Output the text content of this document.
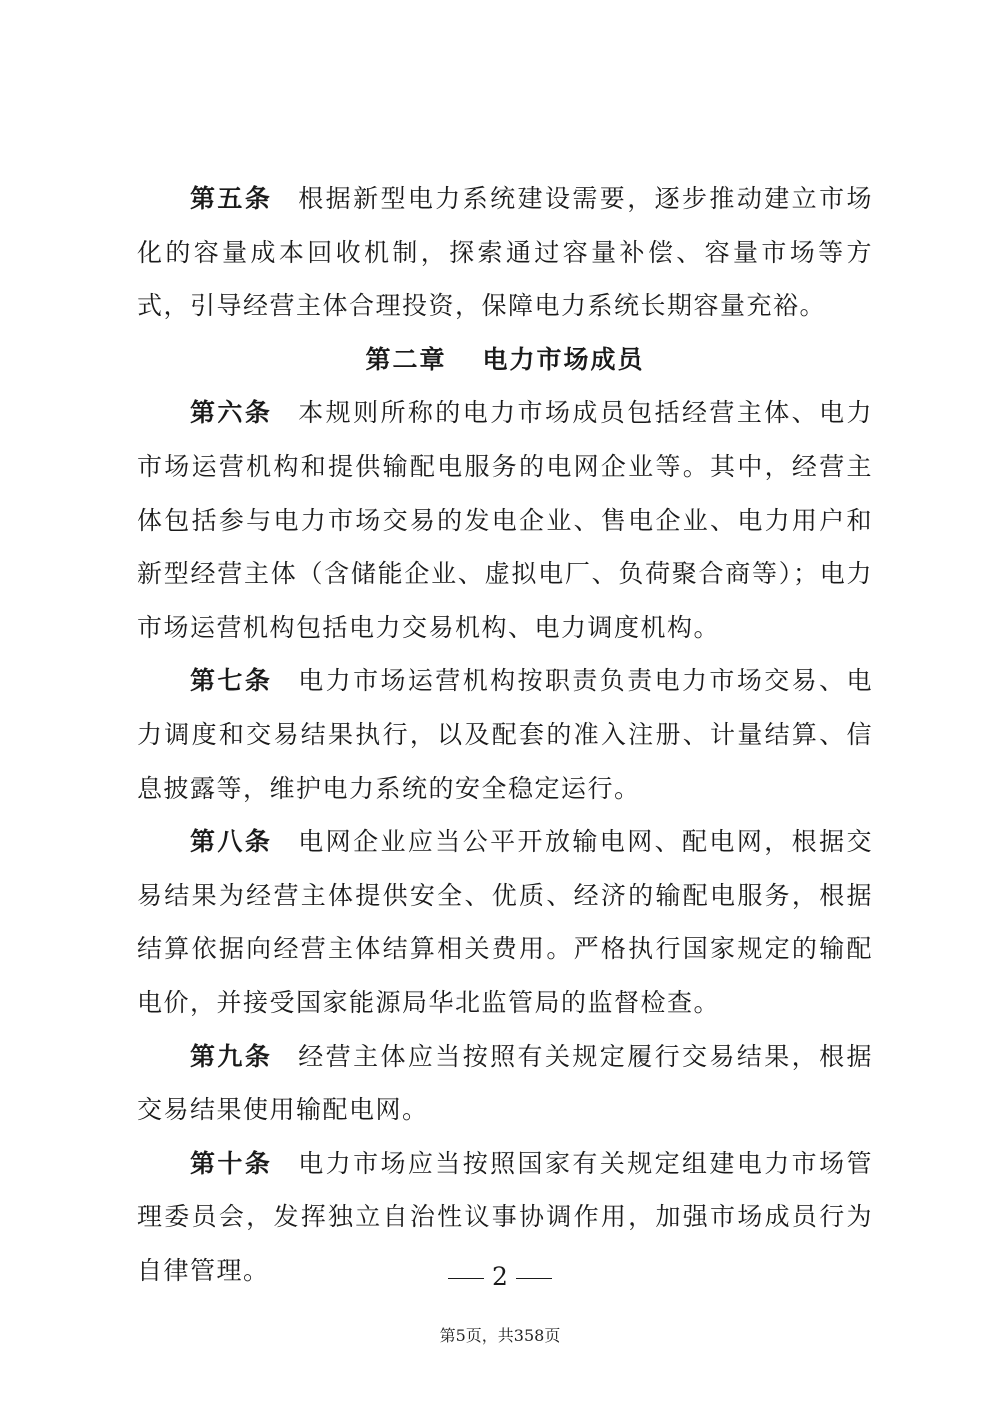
第五条 根据新型电力系统建设需要，逐步推动建立市场化的容量成本回收机制，探索通过容量补偿、容量市场等方式，引导经营主体合理投资，保障电力系统长期容量充裕。

第二章 电力市场成员

第六条 本规则所称的电力市场成员包括经营主体、电力市场运营机构和提供输配电服务的电网企业等。其中，经营主体包括参与电力市场交易的发电企业、售电企业、电力用户和新型经营主体（含储能企业、虚拟电厂、负荷聚合商等）；电力市场运营机构包括电力交易机构、电力调度机构。

第七条 电力市场运营机构按职责负责电力市场交易、电力调度和交易结果执行，以及配套的准入注册、计量结算、信息披露等，维护电力系统的安全稳定运行。

第八条 电网企业应当公平开放输电网、配电网，根据交易结果为经营主体提供安全、优质、经济的输配电服务，根据结算依据向经营主体结算相关费用。严格执行国家规定的输配电价，并接受国家能源局华北监管局的监督检查。

第九条 经营主体应当按照有关规定履行交易结果，根据交易结果使用输配电网。

第十条 电力市场应当按照国家有关规定组建电力市场管理委员会，发挥独立自治性议事协调作用，加强市场成员行为自律管理。	2
第5页，共358页
